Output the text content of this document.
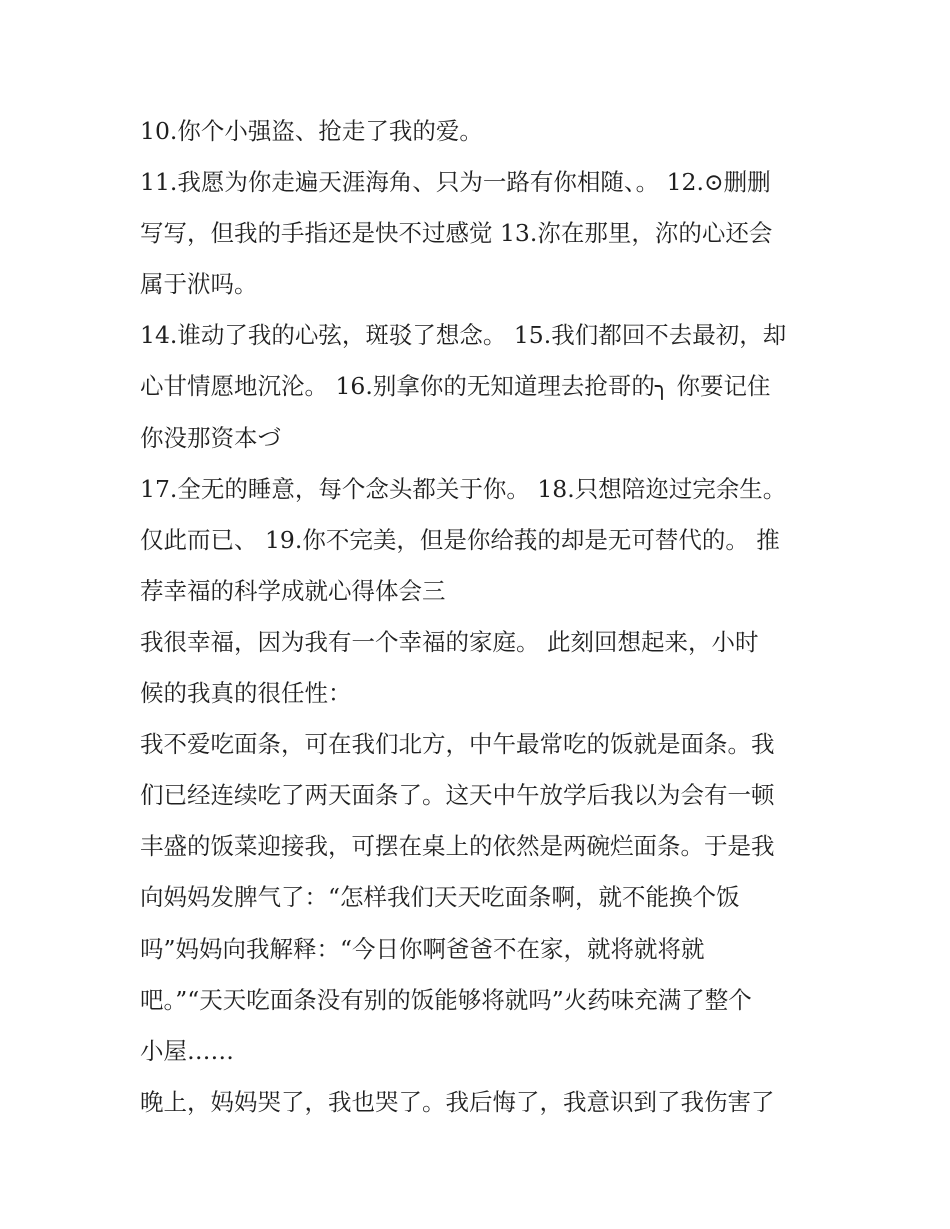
10.你个小强盗、抢走了我的爱。
11.我愿为你走遍天涯海角、只为一路有你相随、。 12.⊙删删
写写，但我的手指还是快不过感觉 13.沵在那里，沵的心还会
属于洑吗。
14.谁动了我的心弦，斑驳了想念。 15.我们都回不去最初，却
心甘情愿地沉沦。 16.别拿你的无知道理去抢哥的╮ 你要记住
你没那资本づ
17.全无的睡意，每个念头都关于你。 18.只想陪迩过完余生。
仅此而已、 19.你不完美，但是你给莪的却是无可替代的。 推
荐幸福的科学成就心得体会三
我很幸福，因为我有一个幸福的家庭。 此刻回想起来，小时
候的我真的很任性：
我不爱吃面条，可在我们北方，中午最常吃的饭就是面条。我
们已经连续吃了两天面条了。这天中午放学后我以为会有一顿
丰盛的饭菜迎接我，可摆在桌上的依然是两碗烂面条。于是我
向妈妈发脾气了：“怎样我们天天吃面条啊，就不能换个饭
吗”妈妈向我解释：“今日你啊爸爸不在家，就将就将就
吧。”“天天吃面条没有别的饭能够将就吗”火药味充满了整个
小屋……
晚上，妈妈哭了，我也哭了。我后悔了，我意识到了我伤害了
